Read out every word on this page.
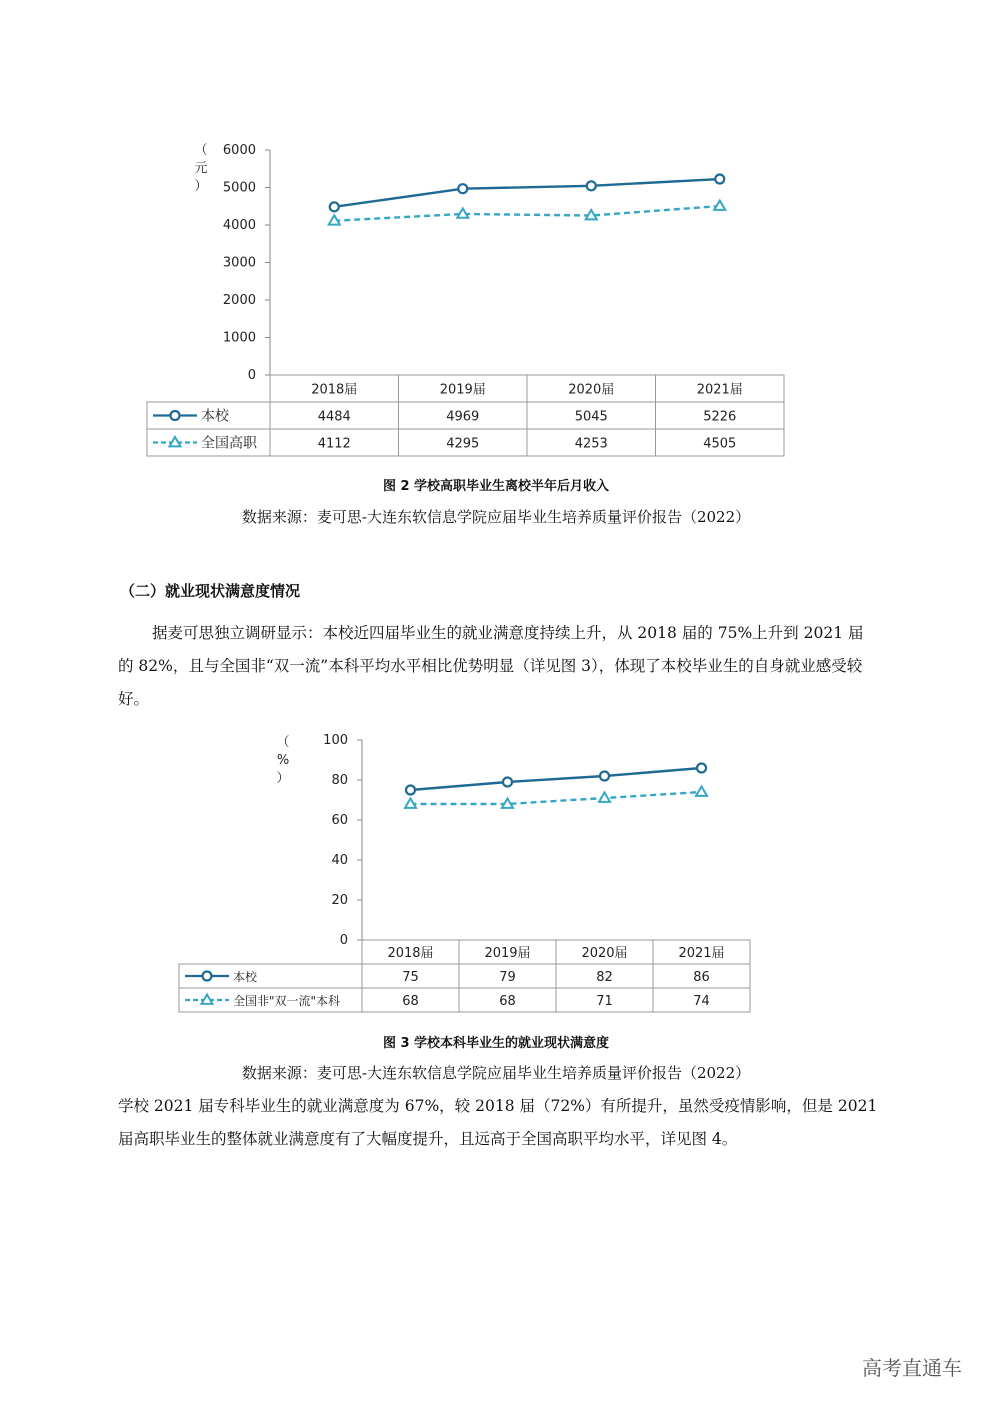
0
1000
2000
3000
4000
5000
6000
（元）
2018届	2019届	2020届	2021届
本校	4484	4969	5045	5226
全国高职	4112	4295	4253	4505
图 2 学校高职毕业生离校半年后月收入
数据来源：麦可思-大连东软信息学院应届毕业生培养质量评价报告（2022）
（二）就业现状满意度情况

据麦可思独立调研显示：本校近四届毕业生的就业满意度持续上升，从 2018 届的 75%上升到 2021 届的 82%，且与全国非“双一流”本科平均水平相比优势明显（详见图 3），体现了本校毕业生的自身就业感受较好。

0
20
40
60
80
100
（%）
2018届	2019届	2020届	2021届
本校	75	79	82	86
全国非"双一流"本科	68	68	71	74
图 3 学校本科毕业生的就业现状满意度
数据来源：麦可思-大连东软信息学院应届毕业生培养质量评价报告（2022）

学校 2021 届专科毕业生的就业满意度为 67%，较 2018 届（72%）有所提升，虽然受疫情影响，但是 2021 届高职毕业生的整体就业满意度有了大幅度提升，且远高于全国高职平均水平，详见图 4。

高考直通车
